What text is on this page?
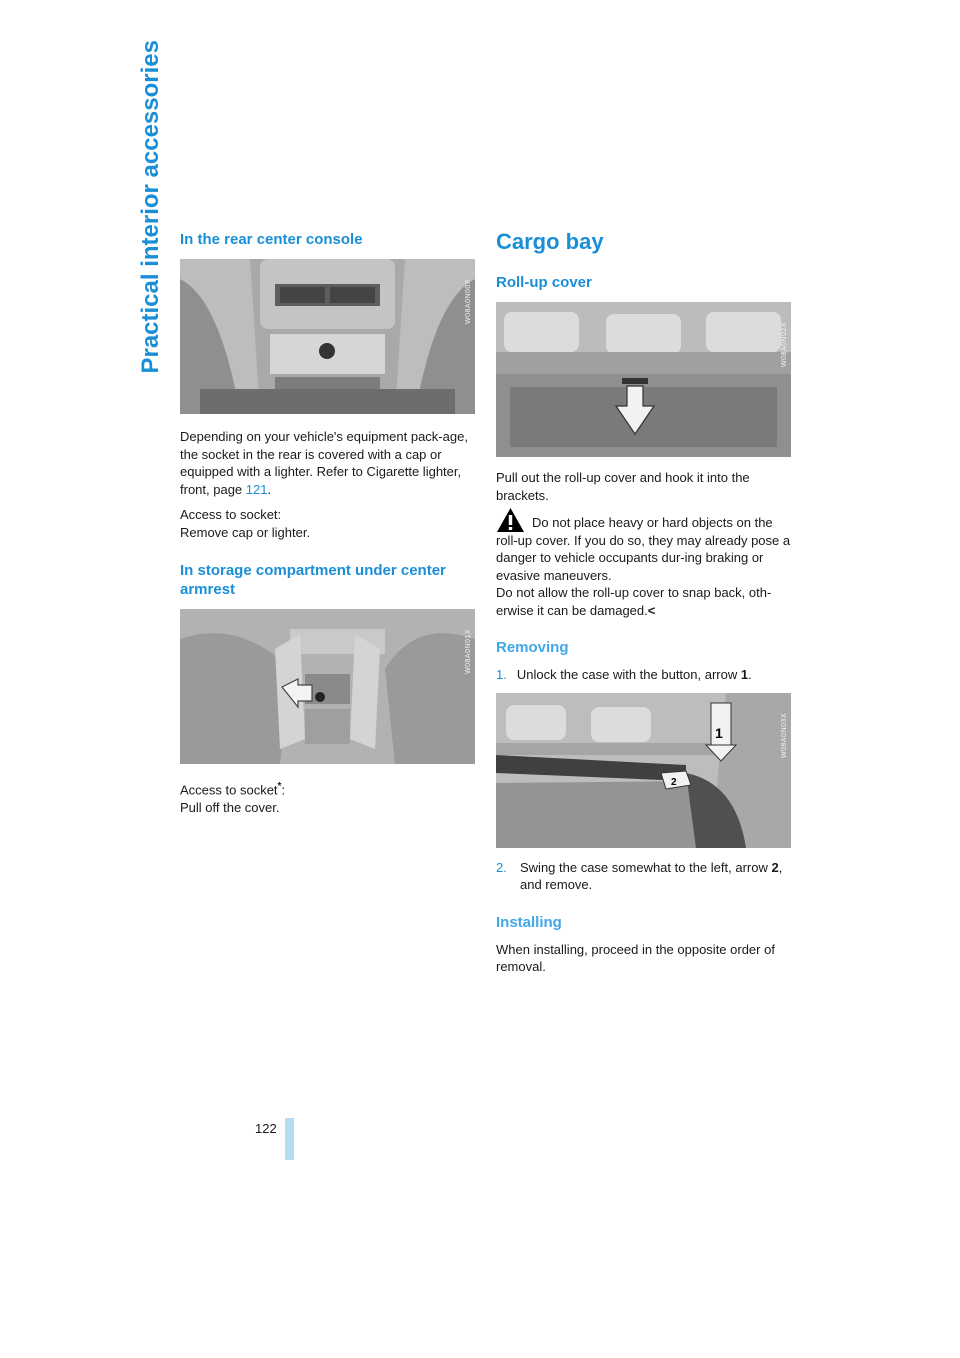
Practical interior accessories In the rear center console
W08A0N00X

Depending on your vehicle's equipment pack-age, the socket in the rear is covered with a cap or equipped with a lighter. Refer to Cigarette lighter, front, page 121.

Access to socket:

Remove cap or lighter.

In storage compartment under center armrest
W08A0N01X

Access to socket*:

Pull off the cover.

Cargo bay
Roll-up cover
W08A0N02X

Pull out the roll-up cover and hook it into the brackets.

Do not place heavy or hard objects on the roll-up cover. If you do so, they may already pose a danger to vehicle occupants dur-ing braking or evasive maneuvers.

Do not allow the roll-up cover to snap back, oth-erwise it can be damaged.<

Removing

1. Unlock the case with the button, arrow 1.

1
2
W08A0N03X

2. Swing the case somewhat to the left, arrow 2, and remove.

Installing

When installing, proceed in the opposite order of removal.

122
